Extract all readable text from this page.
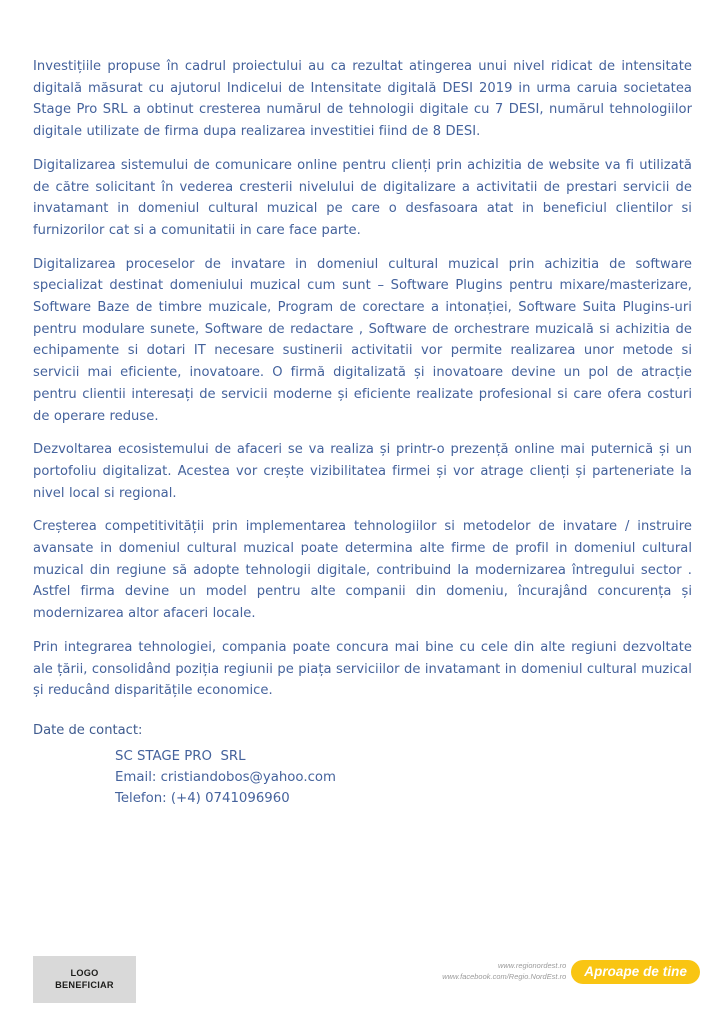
Investițiile propuse în cadrul proiectului au ca rezultat atingerea unui nivel ridicat de intensitate digitală măsurat cu ajutorul Indicelui de Intensitate digitală DESI 2019 in urma caruia societatea Stage Pro SRL a obtinut cresterea numărul de tehnologii digitale cu 7 DESI, numărul tehnologiilor digitale utilizate de firma dupa realizarea investitiei fiind de 8 DESI.

Digitalizarea sistemului de comunicare online pentru clienți prin achizitia de website va fi utilizată de către solicitant în vederea cresterii nivelului de digitalizare a activitatii de prestari servicii de invatamant in domeniul cultural muzical pe care o desfasoara atat in beneficiul clientilor si furnizorilor cat si a comunitatii in care face parte.

Digitalizarea proceselor de invatare in domeniul cultural muzical prin achizitia de software specializat destinat domeniului muzical cum sunt – Software Plugins pentru mixare/masterizare, Software Baze de timbre muzicale, Program de corectare a intonației, Software Suita Plugins-uri pentru modulare sunete, Software de redactare , Software de orchestrare muzicală si achizitia de echipamente si dotari IT necesare sustinerii activitatii vor permite realizarea unor metode si servicii mai eficiente, inovatoare. O firmă digitalizată și inovatoare devine un pol de atracție pentru clientii interesați de servicii moderne și eficiente realizate profesional si care ofera costuri de operare reduse.

Dezvoltarea ecosistemului de afaceri se va realiza și printr-o prezență online mai puternică și un portofoliu digitalizat. Acestea vor crește vizibilitatea firmei și vor atrage clienți și parteneriate la nivel local si regional.

Creșterea competitivității prin implementarea tehnologiilor si metodelor de invatare / instruire avansate in domeniul cultural muzical poate determina alte firme de profil in domeniul cultural muzical din regiune să adopte tehnologii digitale, contribuind la modernizarea întregului sector . Astfel firma devine un model pentru alte companii din domeniu, încurajând concurența și modernizarea altor afaceri locale.

Prin integrarea tehnologiei, compania poate concura mai bine cu cele din alte regiuni dezvoltate ale țării, consolidând poziția regiunii pe piața serviciilor de invatamant in domeniul cultural muzical și reducând disparitățile economice.

Date de contact:

SC STAGE PRO  SRL
Email: cristiandobos@yahoo.com
Telefon: (+4) 0741096960
LOGO
BENEFICIAR
www.regionordest.ro
www.facebook.com/Regio.NordEst.ro Aproape de tine
